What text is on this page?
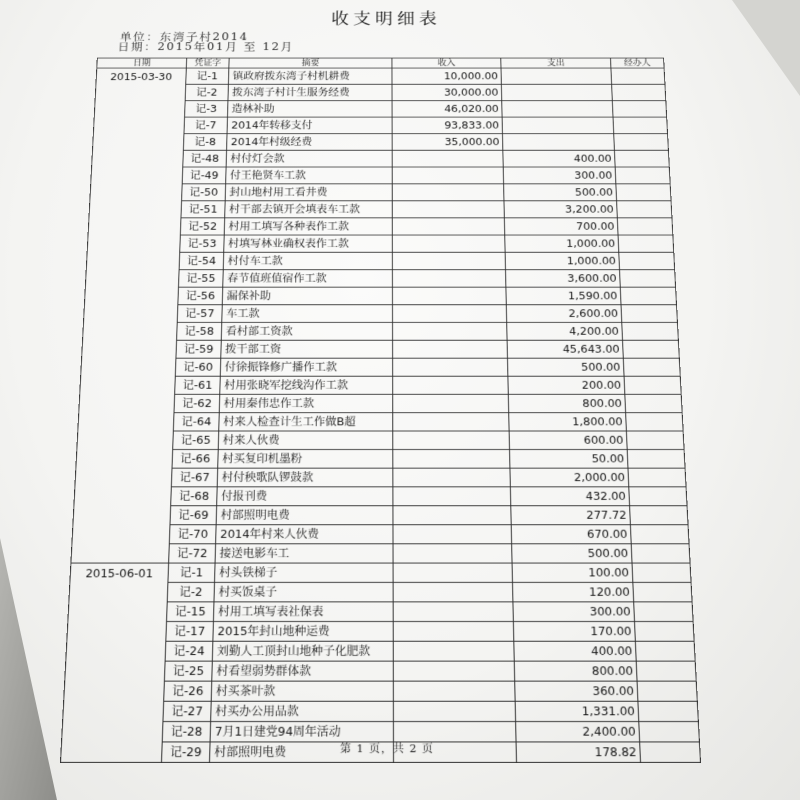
收支明细表
单位：东湾子村2014
日期：2015年01月 至 12月
日期	凭证字	摘要	收入	支出	经办人
2015-03-30	记-1	镇政府拨东湾子村机耕费	10,000.00		
	记-2	拨东湾子村计生服务经费	30,000.00		
	记-3	造林补助	46,020.00		
	记-7	2014年转移支付	93,833.00		
	记-8	2014年村级经费	35,000.00		
	记-48	村付灯会款		400.00	
	记-49	付王艳贤车工款		300.00	
	记-50	封山地村用工看井费		500.00	
	记-51	村干部去镇开会填表车工款		3,200.00	
	记-52	村用工填写各种表作工款		700.00	
	记-53	村填写林业确权表作工款		1,000.00	
	记-54	村付车工款		1,000.00	
	记-55	春节值班值宿作工款		3,600.00	
	记-56	漏保补助		1,590.00	
	记-57	车工款		2,600.00	
	记-58	看村部工资款		4,200.00	
	记-59	拨干部工资		45,643.00	
	记-60	付徐振锋修广播作工款		500.00	
	记-61	村用张晓军挖线沟作工款		200.00	
	记-62	村用秦伟忠作工款		800.00	
	记-64	村来人检查计生工作做B超		1,800.00	
	记-65	村来人伙费		600.00	
	记-66	村买复印机墨粉		50.00	
	记-67	村付秧歌队锣鼓款		2,000.00	
	记-68	付报刊费		432.00	
	记-69	村部照明电费		277.72	
	记-70	2014年村来人伙费		670.00	
	记-72	接送电影车工		500.00	
2015-06-01	记-1	村头铁梯子		100.00	
	记-2	村买饭桌子		120.00	
	记-15	村用工填写表社保表		300.00	
	记-17	2015年封山地种运费		170.00	
	记-24	刘勤人工顶封山地种子化肥款		400.00	
	记-25	村看望弱势群体款		800.00	
	记-26	村买茶叶款		360.00	
	记-27	村买办公用品款		1,331.00	
	记-28	7月1日建党94周年活动		2,400.00	
	记-29	村部照明电费		178.82	
第 1 页，共 2 页
